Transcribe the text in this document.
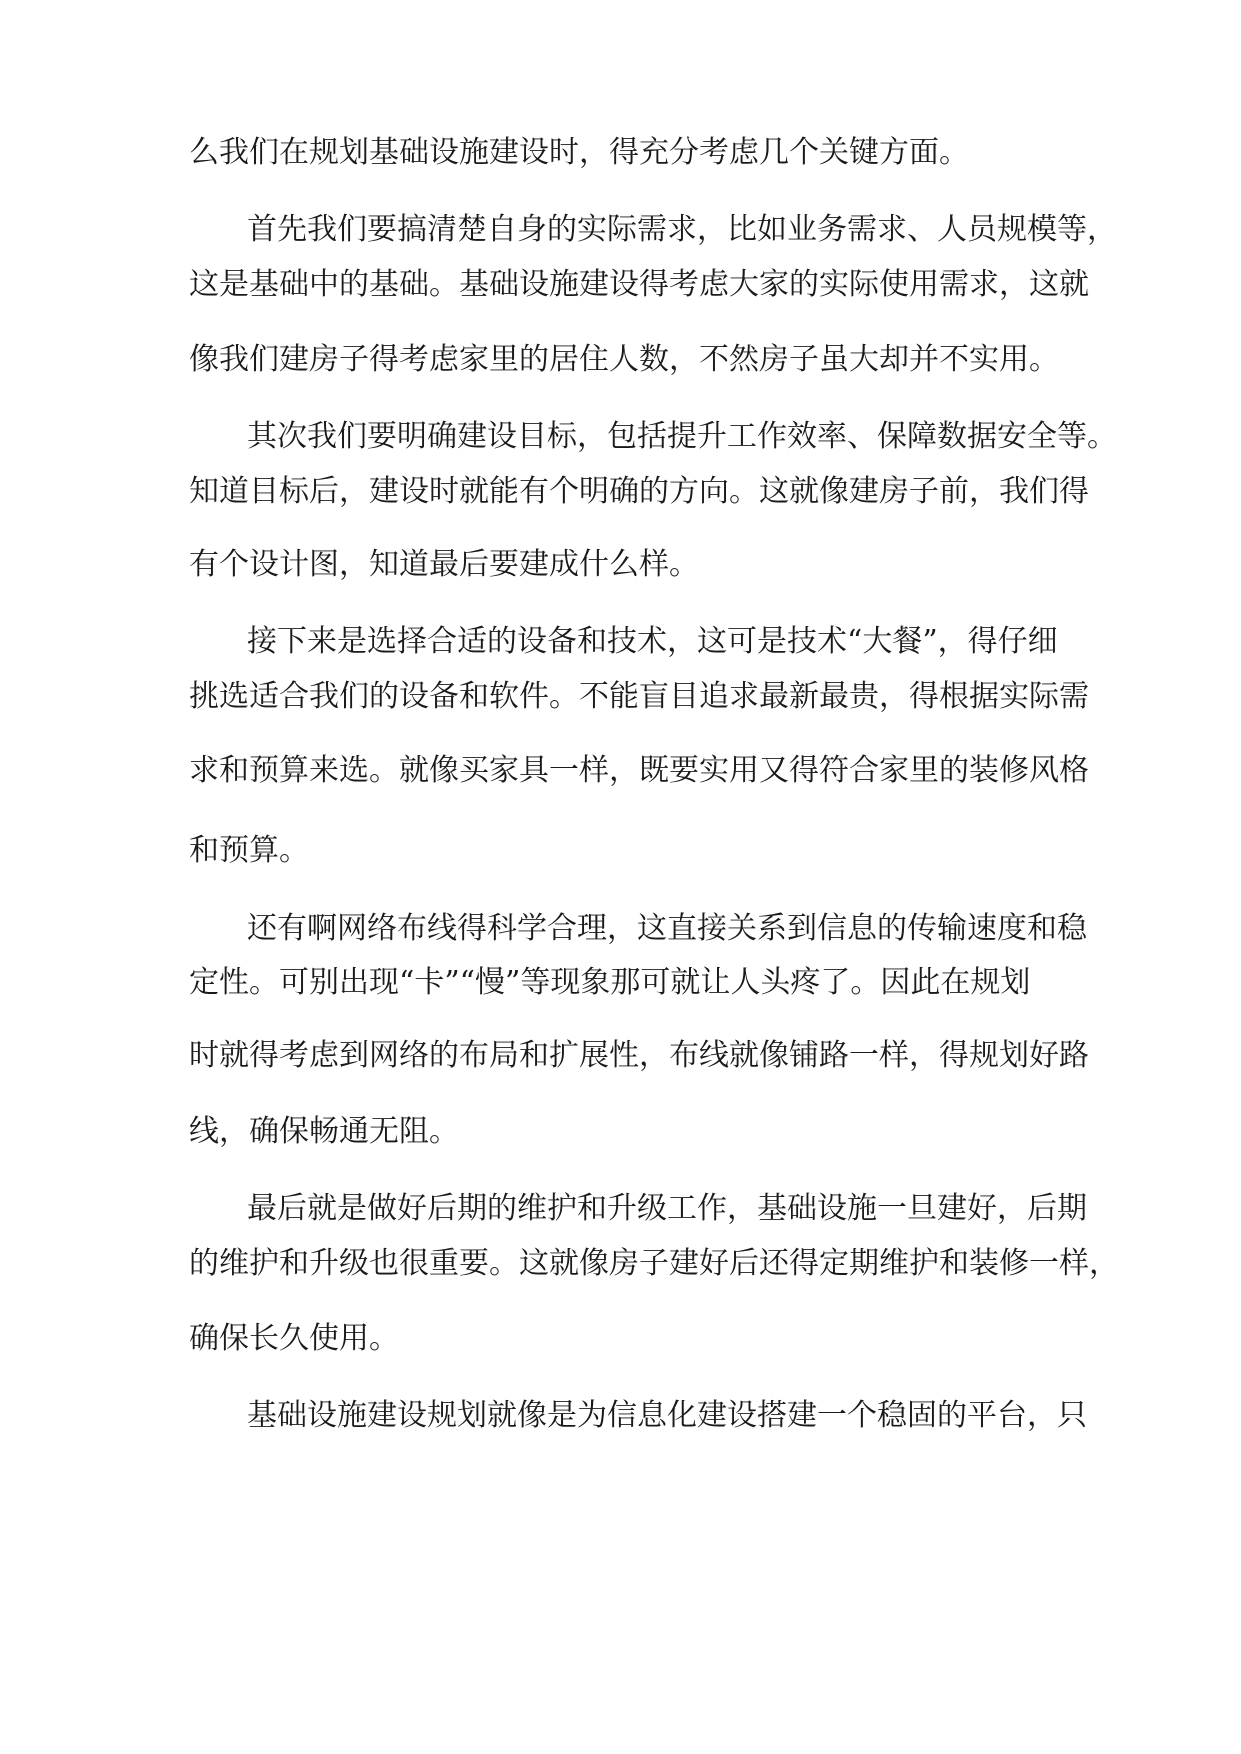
么我们在规划基础设施建设时，得充分考虑几个关键方面。
首先我们要搞清楚自身的实际需求，比如业务需求、人员规模等，
这是基础中的基础。基础设施建设得考虑大家的实际使用需求，这就
像我们建房子得考虑家里的居住人数，不然房子虽大却并不实用。
其次我们要明确建设目标，包括提升工作效率、保障数据安全等。
知道目标后，建设时就能有个明确的方向。这就像建房子前，我们得
有个设计图，知道最后要建成什么样。
接下来是选择合适的设备和技术，这可是技术“大餐”，得仔细
挑选适合我们的设备和软件。不能盲目追求最新最贵，得根据实际需
求和预算来选。就像买家具一样，既要实用又得符合家里的装修风格
和预算。
还有啊网络布线得科学合理，这直接关系到信息的传输速度和稳
定性。可别出现“卡”“慢”等现象那可就让人头疼了。因此在规划
时就得考虑到网络的布局和扩展性，布线就像铺路一样，得规划好路
线，确保畅通无阻。
最后就是做好后期的维护和升级工作，基础设施一旦建好，后期
的维护和升级也很重要。这就像房子建好后还得定期维护和装修一样，
确保长久使用。
基础设施建设规划就像是为信息化建设搭建一个稳固的平台，只
